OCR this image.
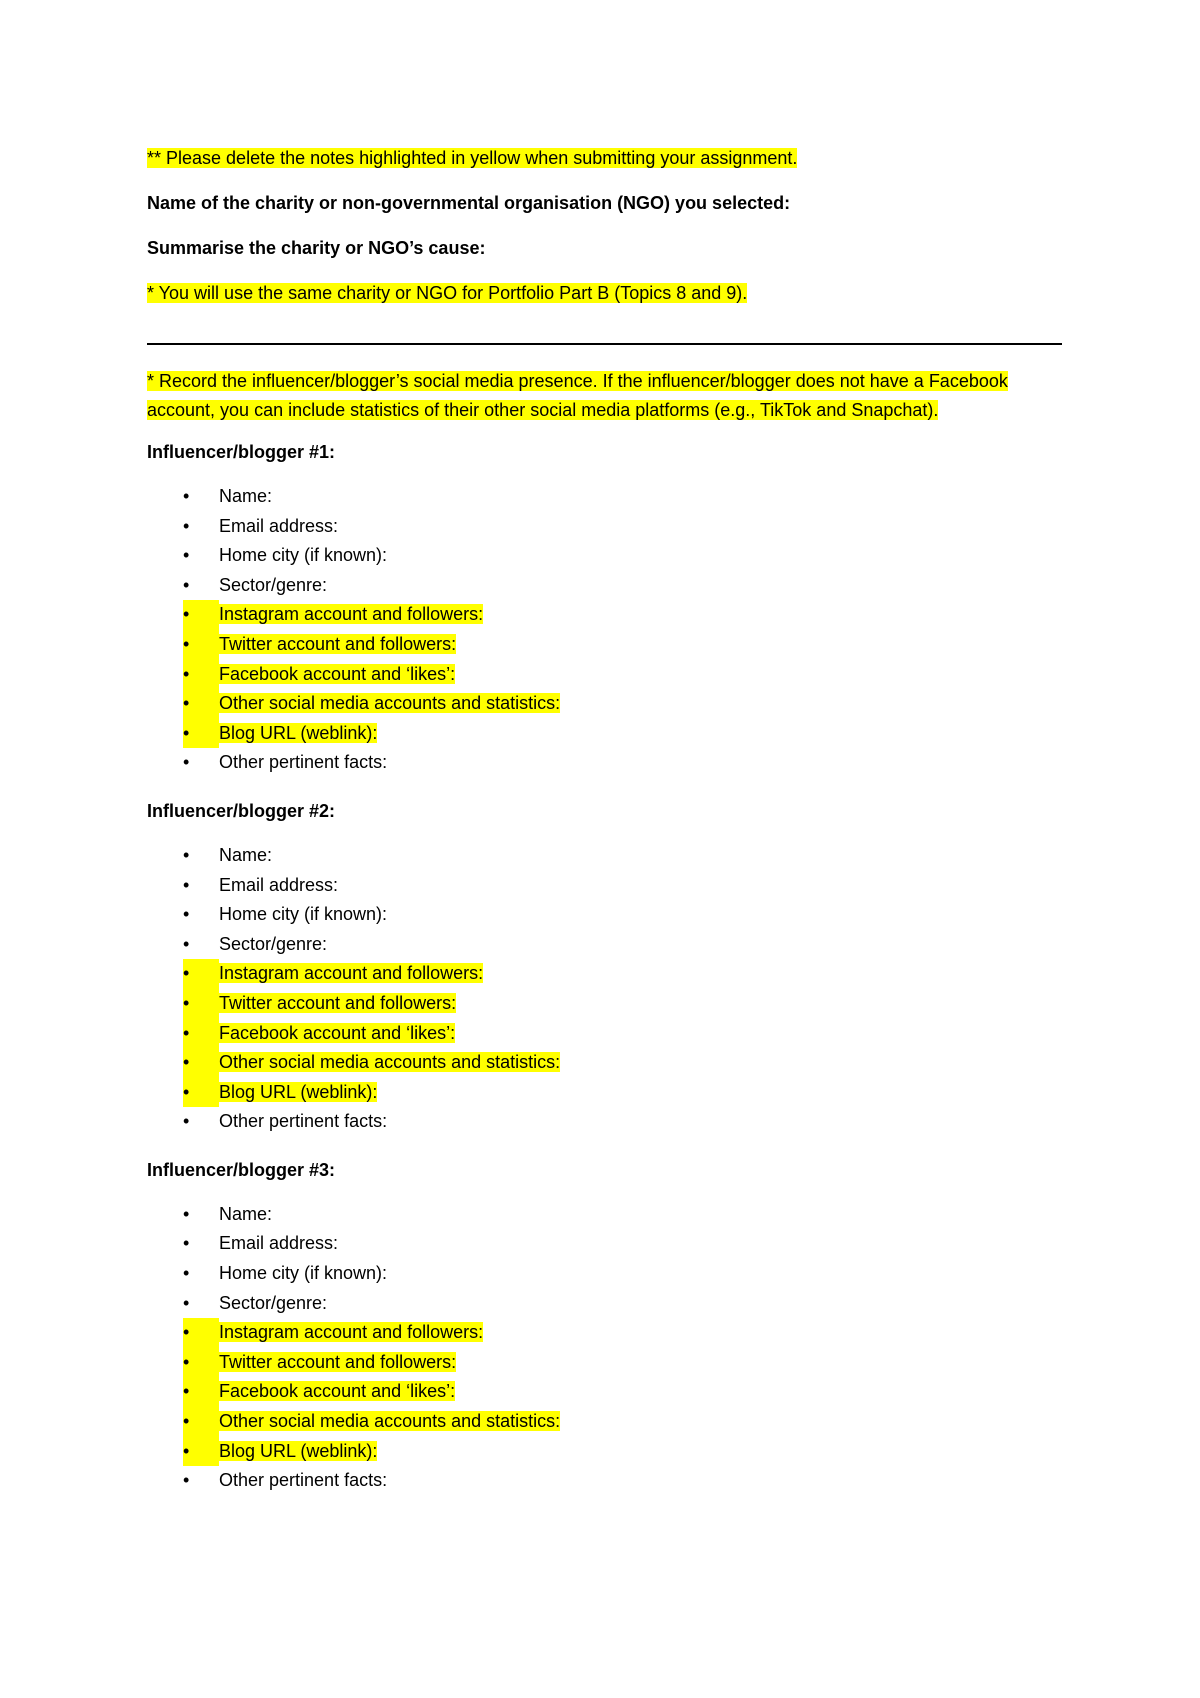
** Please delete the notes highlighted in yellow when submitting your assignment.

Name of the charity or non-governmental organisation (NGO) you selected:

Summarise the charity or NGO’s cause:

* You will use the same charity or NGO for Portfolio Part B (Topics 8 and 9).

* Record the influencer/blogger’s social media presence. If the influencer/blogger does not have a Facebook account, you can include statistics of their other social media platforms (e.g., TikTok and Snapchat).

Influencer/blogger #1:

•	Name:
•	Email address:
•	Home city (if known):
•	Sector/genre:
•	Instagram account and followers:
•	Twitter account and followers:
•	Facebook account and ‘likes’:
•	Other social media accounts and statistics:
•	Blog URL (weblink):
•	Other pertinent facts:

Influencer/blogger #2:

•	Name:
•	Email address:
•	Home city (if known):
•	Sector/genre:
•	Instagram account and followers:
•	Twitter account and followers:
•	Facebook account and ‘likes’:
•	Other social media accounts and statistics:
•	Blog URL (weblink):
•	Other pertinent facts:

Influencer/blogger #3:

•	Name:
•	Email address:
•	Home city (if known):
•	Sector/genre:
•	Instagram account and followers:
•	Twitter account and followers:
•	Facebook account and ‘likes’:
•	Other social media accounts and statistics:
•	Blog URL (weblink):
•	Other pertinent facts:
